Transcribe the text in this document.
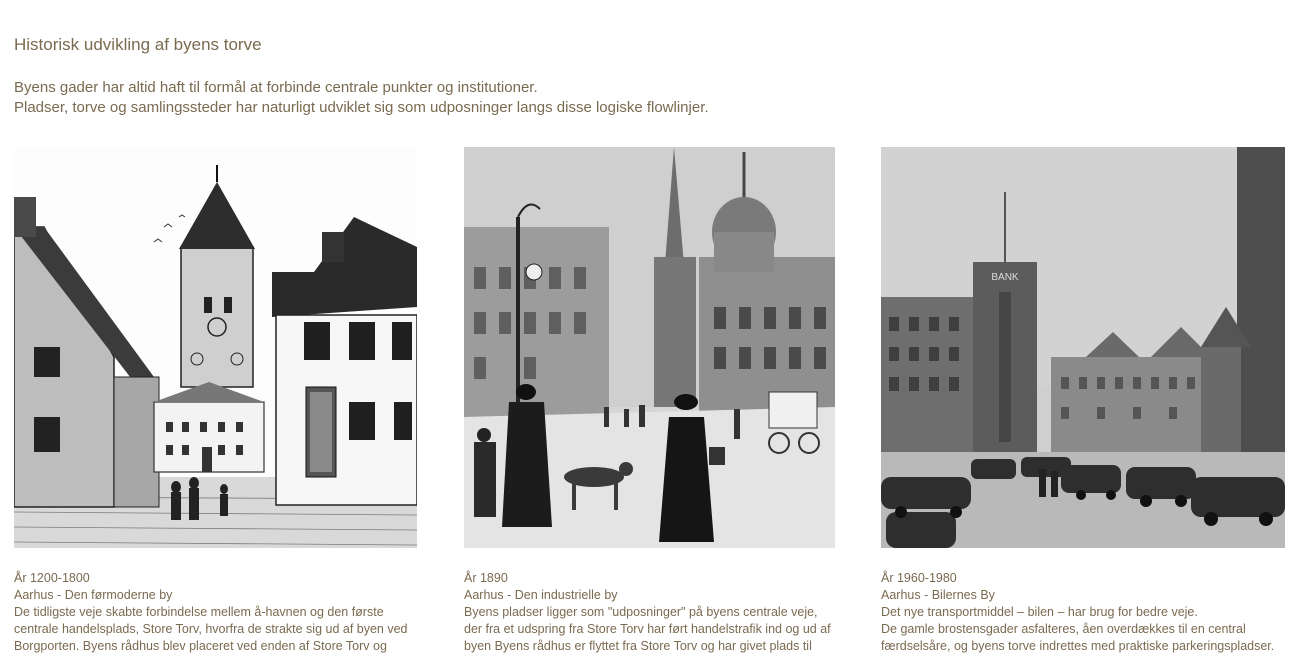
Historisk udvikling af byens torve

Byens gader har altid haft til formål at forbinde centrale punkter og institutioner.

Pladser, torve og samlingssteder har naturligt udviklet sig som udposninger langs disse logiske flowlinjer.

År 1200-1800
Aarhus - Den førmoderne by
De tidligste veje skabte forbindelse mellem å-havnen og den første
centrale handelsplads, Store Torv, hvorfra de strakte sig ud af byen ved
Borgporten. Byens rådhus blev placeret ved enden af Store Torv og
År 1890
Aarhus - Den industrielle by
Byens pladser ligger som "udposninger" på byens centrale veje,
der fra et udspring fra Store Torv har ført handelstrafik ind og ud af
byen Byens rådhus er flyttet fra Store Torv og har givet plads til
BANK
År 1960-1980
Aarhus - Bilernes By
Det nye transportmiddel – bilen – har brug for bedre veje.
De gamle brostensgader asfalteres, åen overdækkes til en central
færdselsåre, og byens torve indrettes med praktiske parkeringspladser.
